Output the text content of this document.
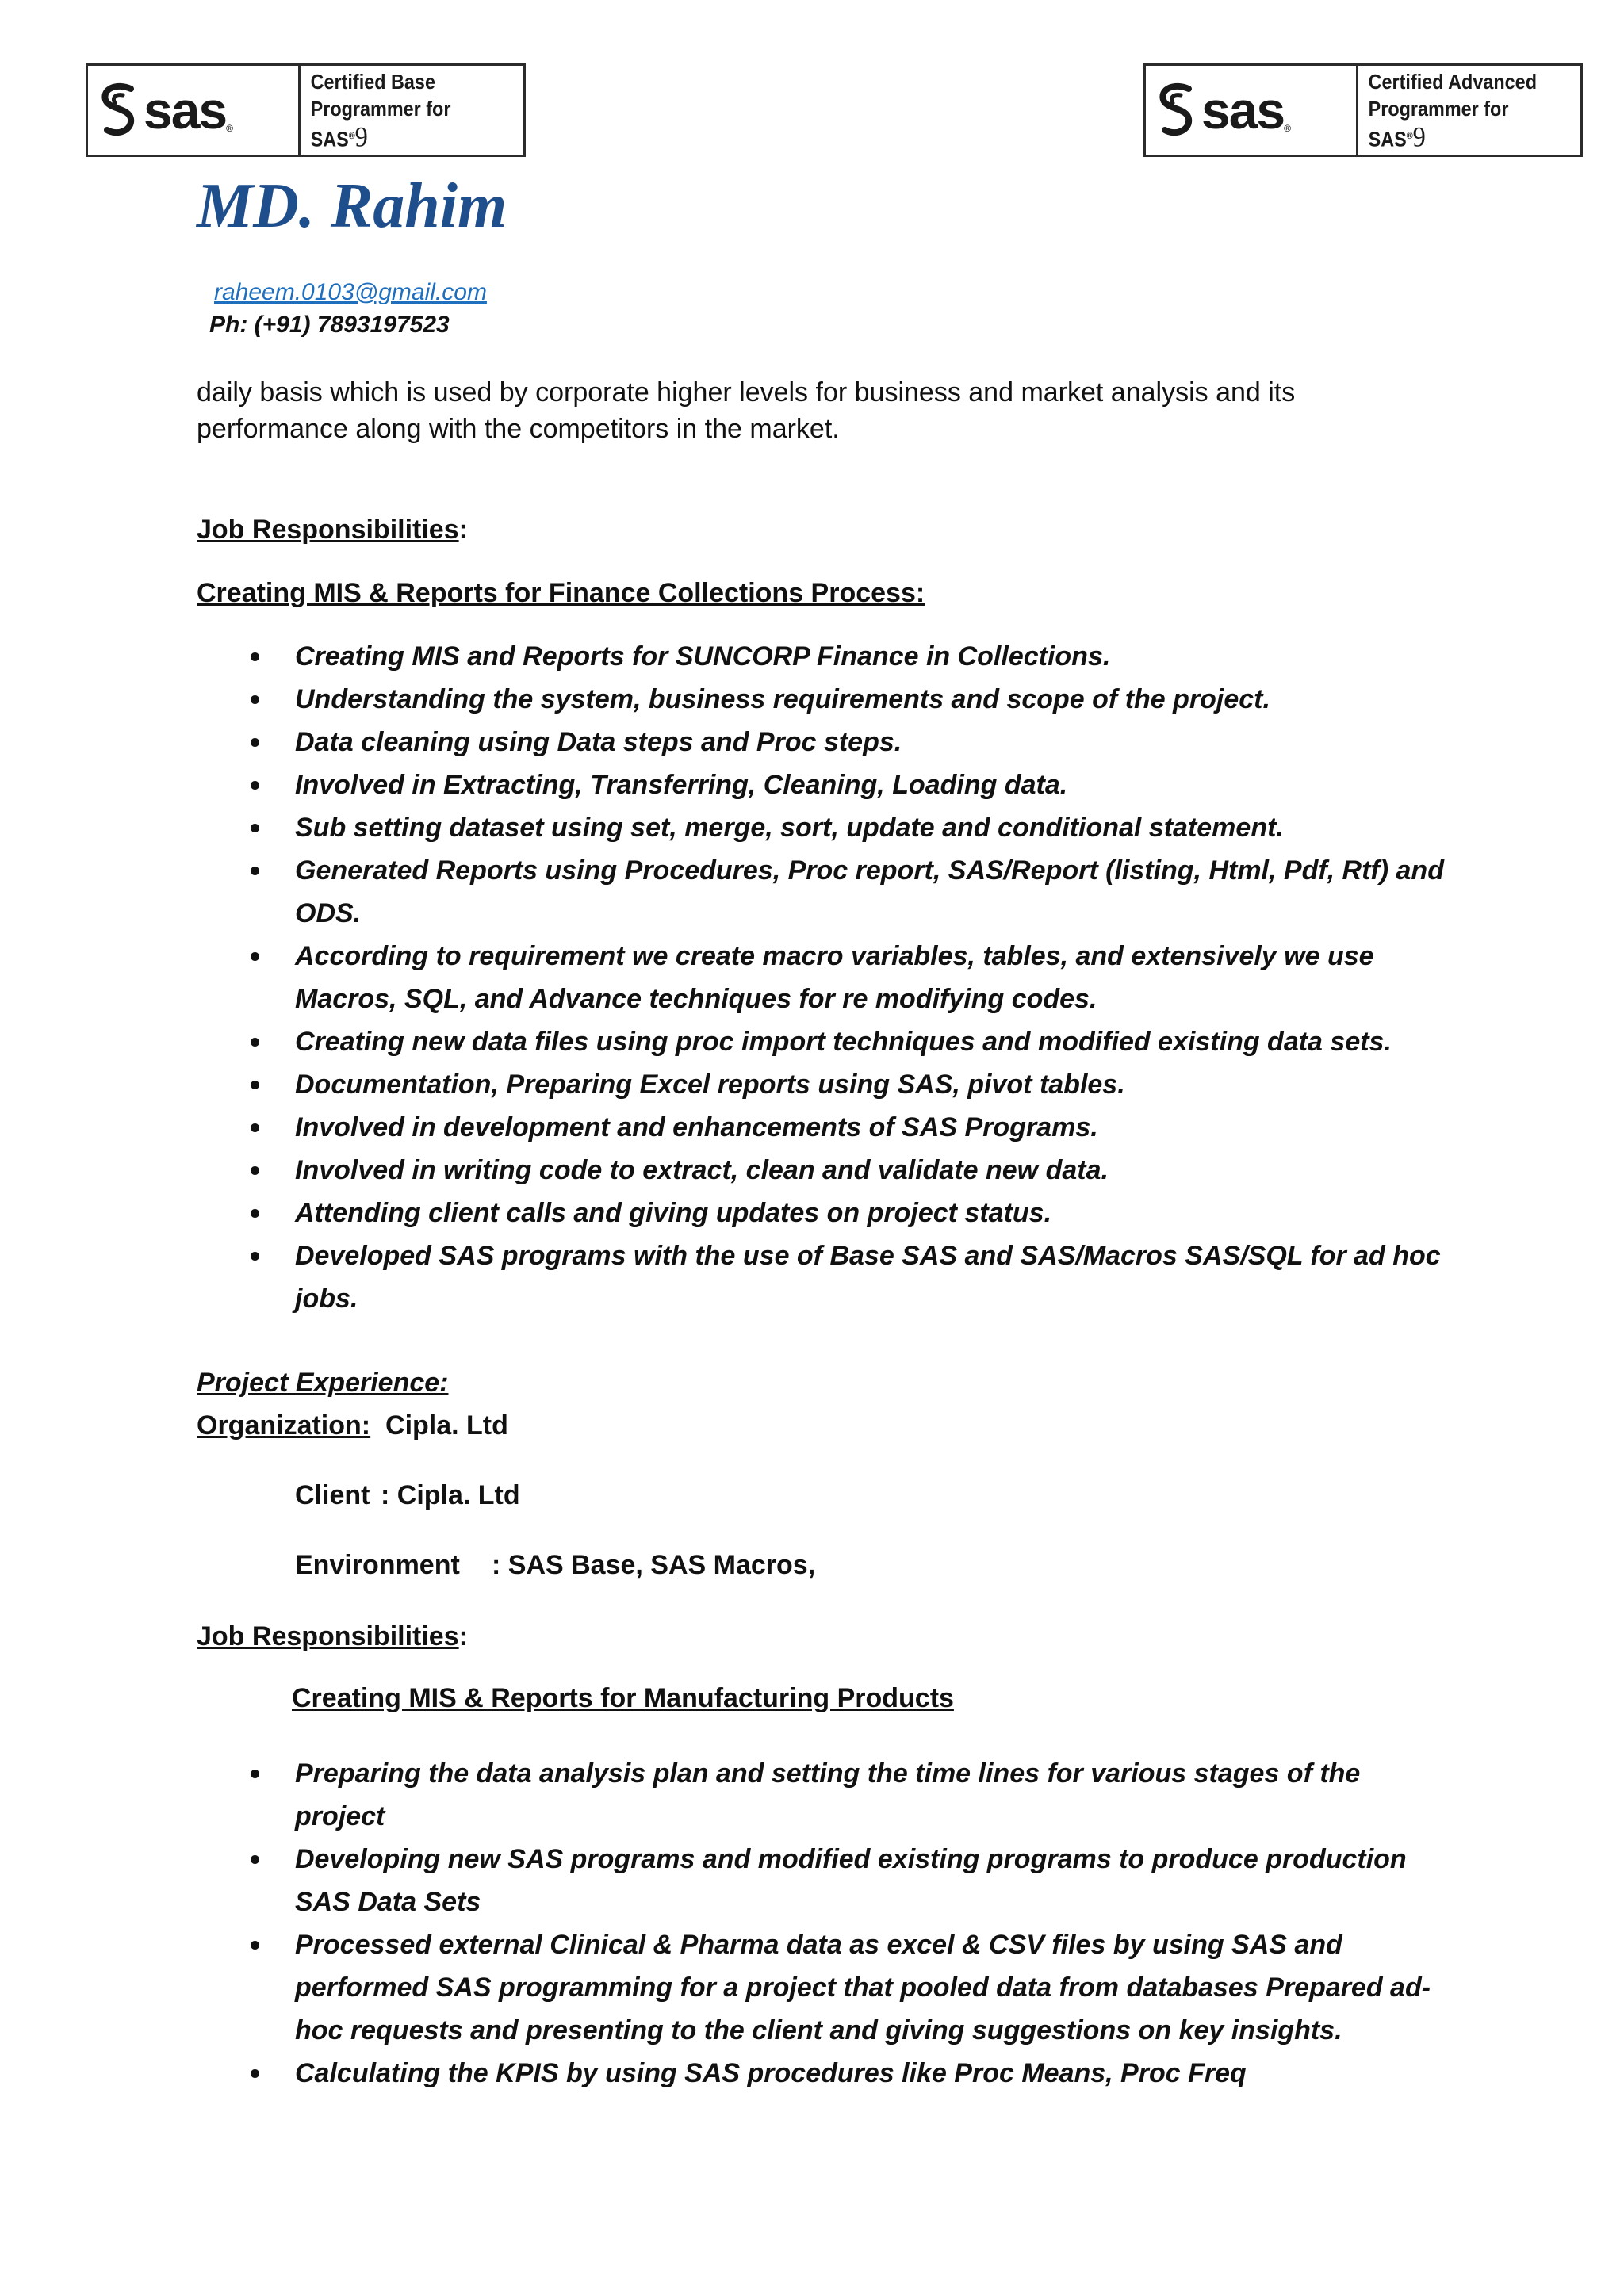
sas ®
Certified Base
Programmer for SAS®9	sas ®
Certified Advanced
Programmer for SAS®9
MD. Rahim
raheem.0103@gmail.com
Ph: (+91) 7893197523
daily basis which is used by corporate higher levels for business and market analysis and its performance along with the competitors in the market.
Job Responsibilities:
Creating MIS & Reports for Finance Collections Process:
Creating MIS and Reports for SUNCORP Finance in Collections.
Understanding the system, business requirements and scope of the project.
Data cleaning using Data steps and Proc steps.
Involved in Extracting, Transferring, Cleaning, Loading data.
Sub setting dataset using set, merge, sort, update and conditional statement.
Generated Reports using Procedures, Proc report, SAS/Report (listing, Html, Pdf, Rtf) and ODS.
According to requirement we create macro variables, tables, and extensively we use Macros, SQL, and Advance techniques for re modifying codes.
Creating new data files using proc import techniques and modified existing data sets.
Documentation, Preparing Excel reports using SAS, pivot tables.
Involved in development and enhancements of SAS Programs.
Involved in writing code to extract, clean and validate new data.
Attending client calls and giving updates on project status.
Developed SAS programs with the use of Base SAS and SAS/Macros SAS/SQL for ad hoc jobs.
Project Experience:
Organization: Cipla. Ltd
Client : Cipla. Ltd
Environment : SAS Base, SAS Macros,
Job Responsibilities:
Creating MIS & Reports for Manufacturing Products
Preparing the data analysis plan and setting the time lines for various stages of the project
Developing new SAS programs and modified existing programs to produce production SAS Data Sets
Processed external Clinical & Pharma data as excel & CSV files by using SAS and performed SAS programming for a project that pooled data from databases Prepared ad-hoc requests and presenting to the client and giving suggestions on key insights.
Calculating the KPIS by using SAS procedures like Proc Means, Proc Freq
